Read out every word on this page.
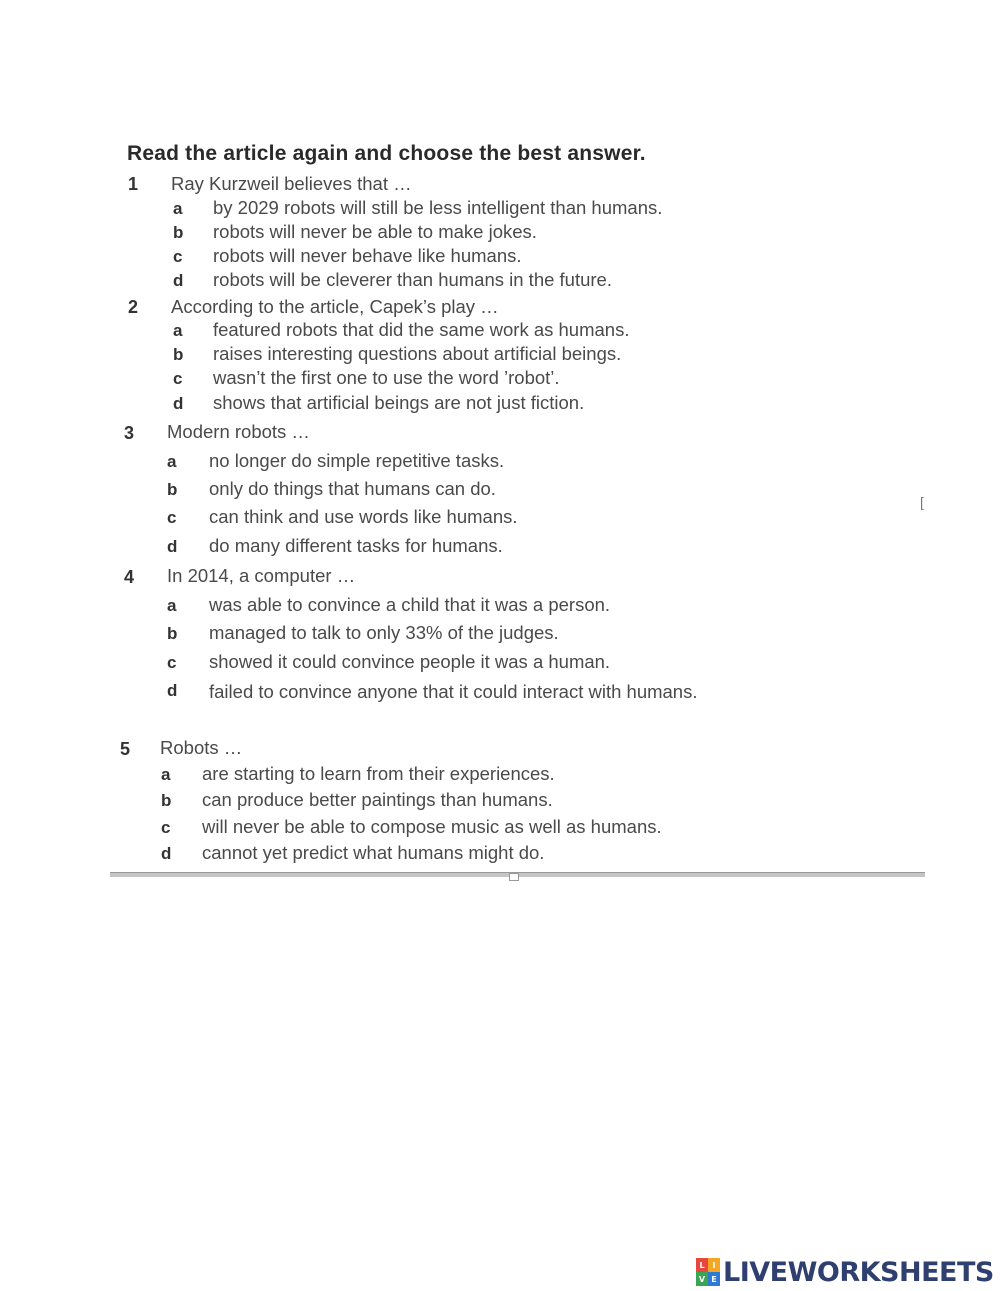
Read the article again and choose the best answer.
1 Ray Kurzweil believes that …
a by 2029 robots will still be less intelligent than humans.
b robots will never be able to make jokes.
c robots will never behave like humans.
d robots will be cleverer than humans in the future.
2 According to the article, Capek’s play …
a featured robots that did the same work as humans.
b raises interesting questions about artificial beings.
c wasn’t the first one to use the word ’robot’.
d shows that artificial beings are not just fiction.
3 Modern robots …
a no longer do simple repetitive tasks.
b only do things that humans can do.
c can think and use words like humans.
d do many different tasks for humans.
4 In 2014, a computer …
a was able to convince a child that it was a person.
b managed to talk to only 33% of the judges.
c showed it could convince people it was a human.
d failed to convince anyone that it could interact with humans.
5 Robots …
a are starting to learn from their experiences.
b can produce better paintings than humans.
c will never be able to compose music as well as humans.
d cannot yet predict what humans might do.
[
L I
V E LIVEWORKSHEETS
